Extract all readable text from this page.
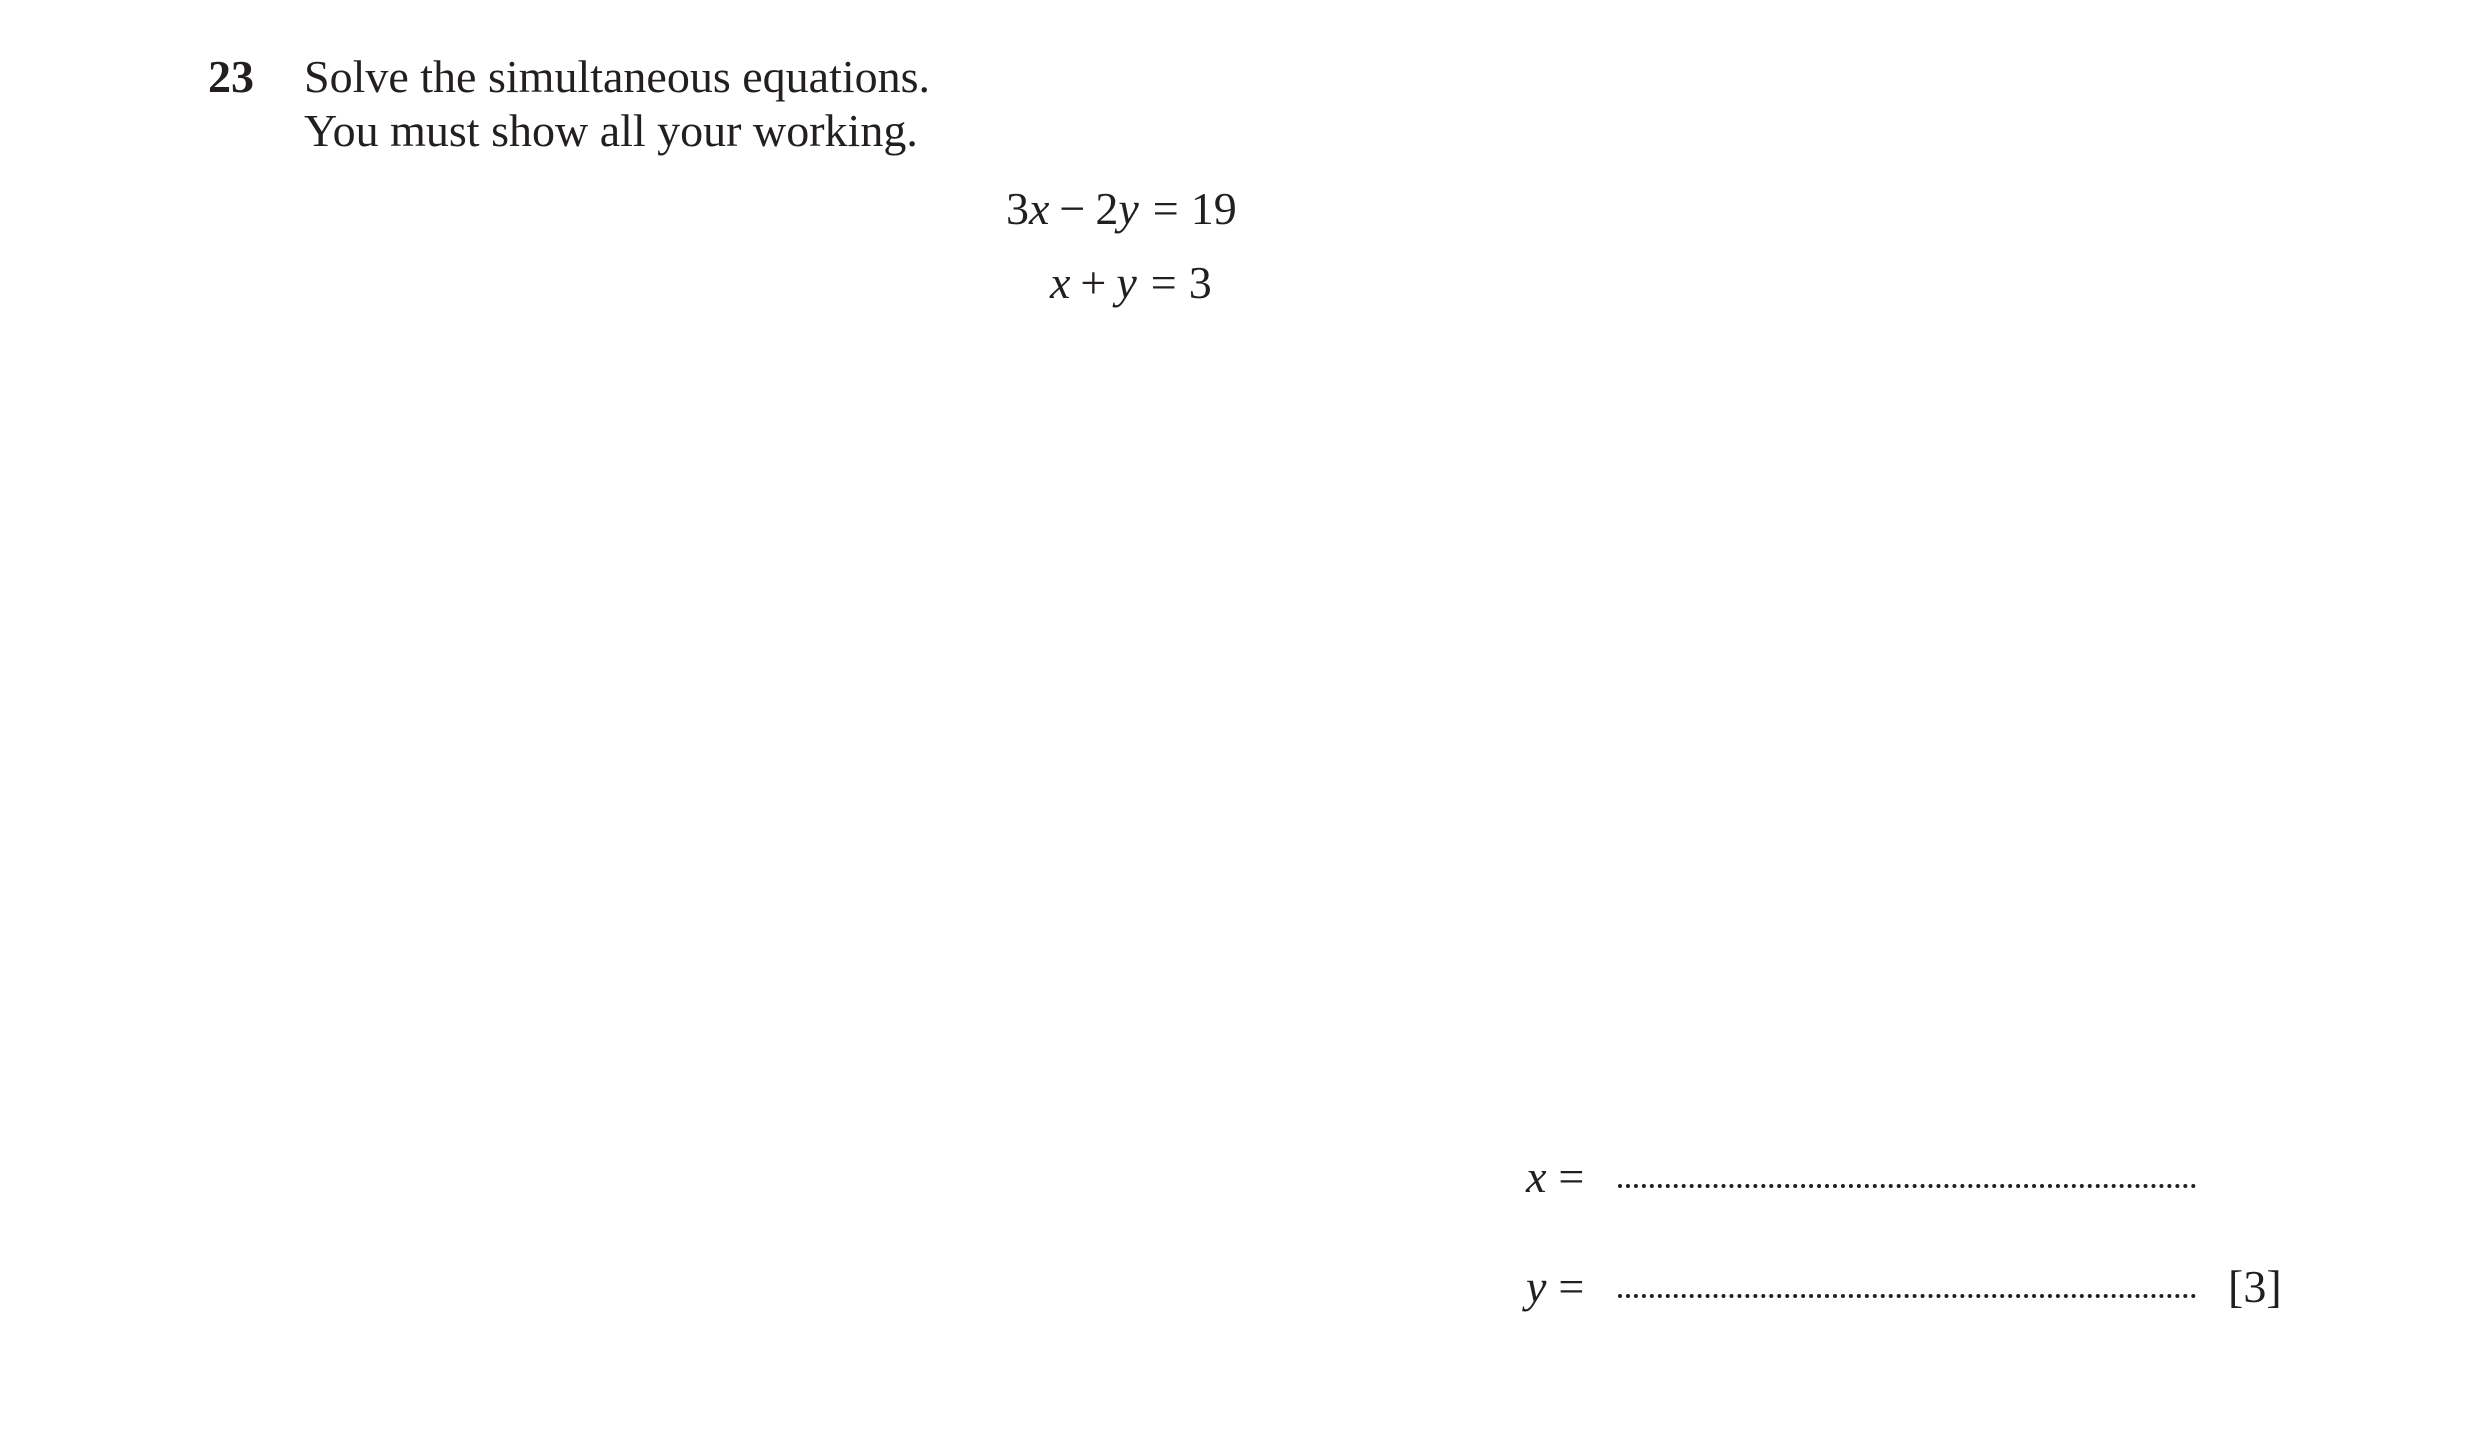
23 Solve the simultaneous equations.
You must show all your working.
3x − 2y = 19
x + y = 3
x =
y =	[3]
